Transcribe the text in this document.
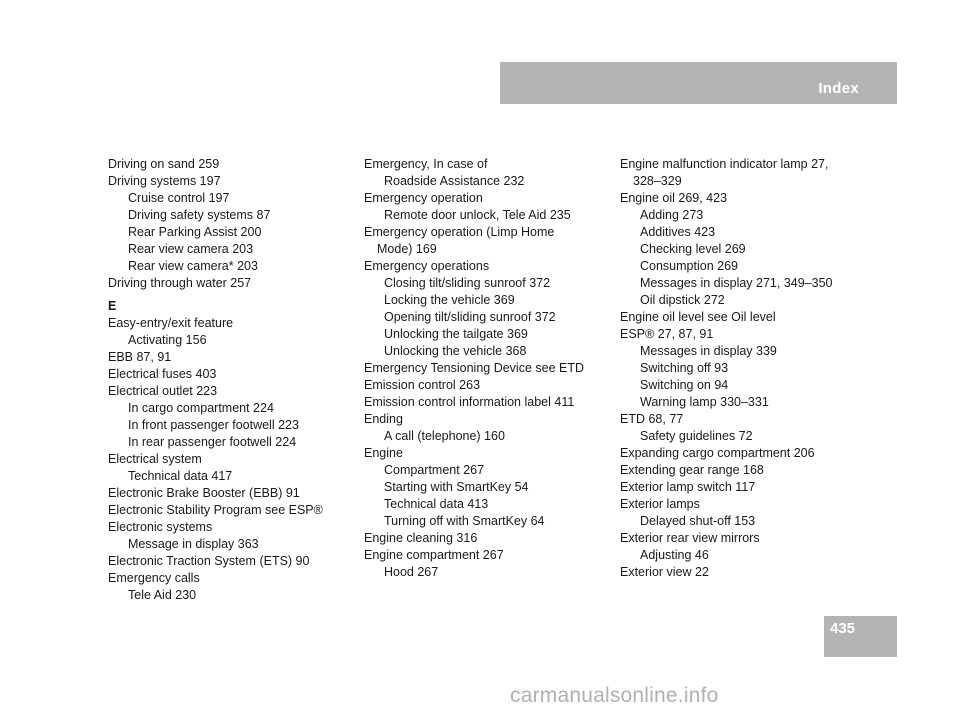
Index
Driving on sand 259
Driving systems 197
Cruise control 197
Driving safety systems 87
Rear Parking Assist 200
Rear view camera 203
Rear view camera* 203
Driving through water 257
E
Easy-entry/exit feature
Activating 156
EBB 87, 91
Electrical fuses 403
Electrical outlet 223
In cargo compartment 224
In front passenger footwell 223
In rear passenger footwell 224
Electrical system
Technical data 417
Electronic Brake Booster (EBB) 91
Electronic Stability Program see ESP®
Electronic systems
Message in display 363
Electronic Traction System (ETS) 90
Emergency calls
Tele Aid 230
Emergency, In case of
Roadside Assistance 232
Emergency operation
Remote door unlock, Tele Aid 235
Emergency operation (Limp Home
Mode) 169
Emergency operations
Closing tilt/sliding sunroof 372
Locking the vehicle 369
Opening tilt/sliding sunroof 372
Unlocking the tailgate 369
Unlocking the vehicle 368
Emergency Tensioning Device see ETD
Emission control 263
Emission control information label 411
Ending
A call (telephone) 160
Engine
Compartment 267
Starting with SmartKey 54
Technical data 413
Turning off with SmartKey 64
Engine cleaning 316
Engine compartment 267
Hood 267
Engine malfunction indicator lamp 27,
328–329
Engine oil 269, 423
Adding 273
Additives 423
Checking level 269
Consumption 269
Messages in display 271, 349–350
Oil dipstick 272
Engine oil level see Oil level
ESP® 27, 87, 91
Messages in display 339
Switching off 93
Switching on 94
Warning lamp 330–331
ETD 68, 77
Safety guidelines 72
Expanding cargo compartment 206
Extending gear range 168
Exterior lamp switch 117
Exterior lamps
Delayed shut-off 153
Exterior rear view mirrors
Adjusting 46
Exterior view 22
435
carmanualsonline.info
